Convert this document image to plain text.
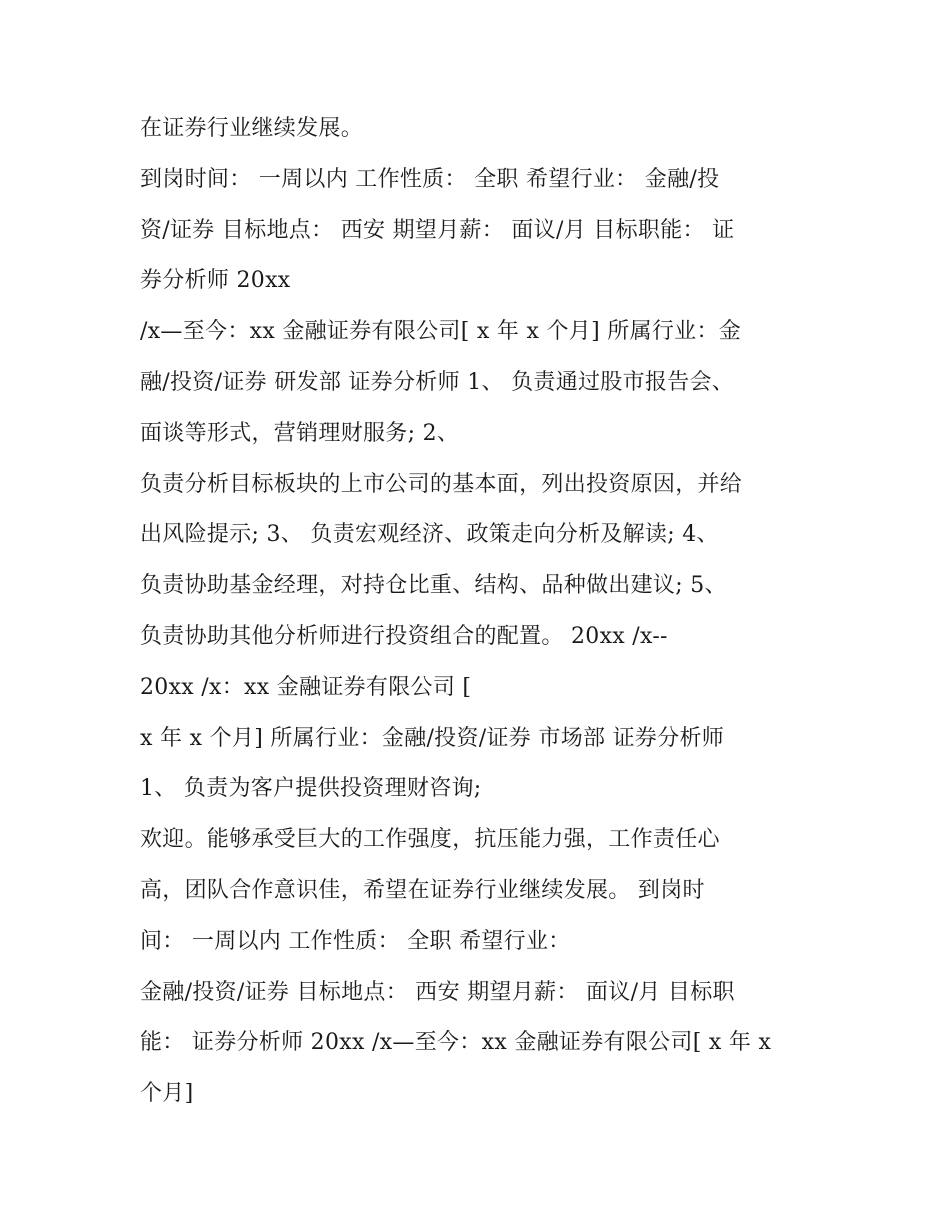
在证券行业继续发展。
到岗时间： 一周以内 工作性质： 全职 希望行业： 金融/投
资/证券 目标地点： 西安 期望月薪： 面议/月 目标职能： 证
券分析师 20xx
/x—至今：xx 金融证券有限公司[ x 年 x 个月] 所属行业：金
融/投资/证券 研发部 证券分析师 1、 负责通过股市报告会、
面谈等形式，营销理财服务; 2、
负责分析目标板块的上市公司的基本面，列出投资原因，并给
出风险提示; 3、 负责宏观经济、政策走向分析及解读; 4、
负责协助基金经理，对持仓比重、结构、品种做出建议; 5、
负责协助其他分析师进行投资组合的配置。 20xx /x--
20xx /x：xx 金融证券有限公司 [
x 年 x 个月] 所属行业：金融/投资/证券 市场部 证券分析师
1、 负责为客户提供投资理财咨询;
欢迎。能够承受巨大的工作强度，抗压能力强，工作责任心
高，团队合作意识佳，希望在证券行业继续发展。 到岗时
间： 一周以内 工作性质： 全职 希望行业：
金融/投资/证券 目标地点： 西安 期望月薪： 面议/月 目标职
能： 证券分析师 20xx /x—至今：xx 金融证券有限公司[ x 年 x
个月]
